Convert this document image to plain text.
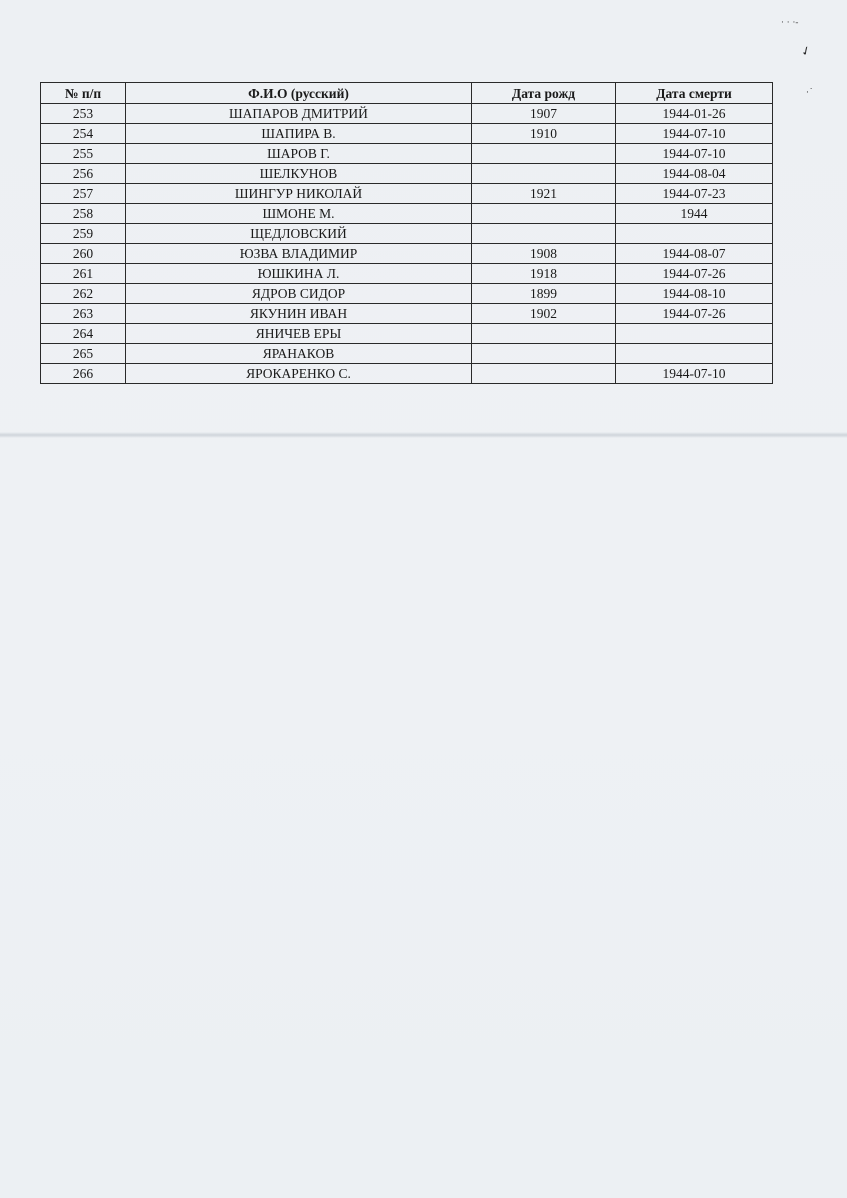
· · ·-
✓
·˙
№ п/п	Ф.И.О (русский)	Дата рожд	Дата смерти
253	ШАПАРОВ ДМИТРИЙ	1907	1944-01-26
254	ШАПИРА В.	1910	1944-07-10
255	ШАРОВ Г.		1944-07-10
256	ШЕЛКУНОВ		1944-08-04
257	ШИНГУР НИКОЛАЙ	1921	1944-07-23
258	ШМОНЕ М.		1944
259	ЩЕДЛОВСКИЙ		
260	ЮЗВА ВЛАДИМИР	1908	1944-08-07
261	ЮШКИНА Л.	1918	1944-07-26
262	ЯДРОВ СИДОР	1899	1944-08-10
263	ЯКУНИН ИВАН	1902	1944-07-26
264	ЯНИЧЕВ ЕРЫ		
265	ЯРАНАКОВ		
266	ЯРОКАРЕНКО С.		1944-07-10
